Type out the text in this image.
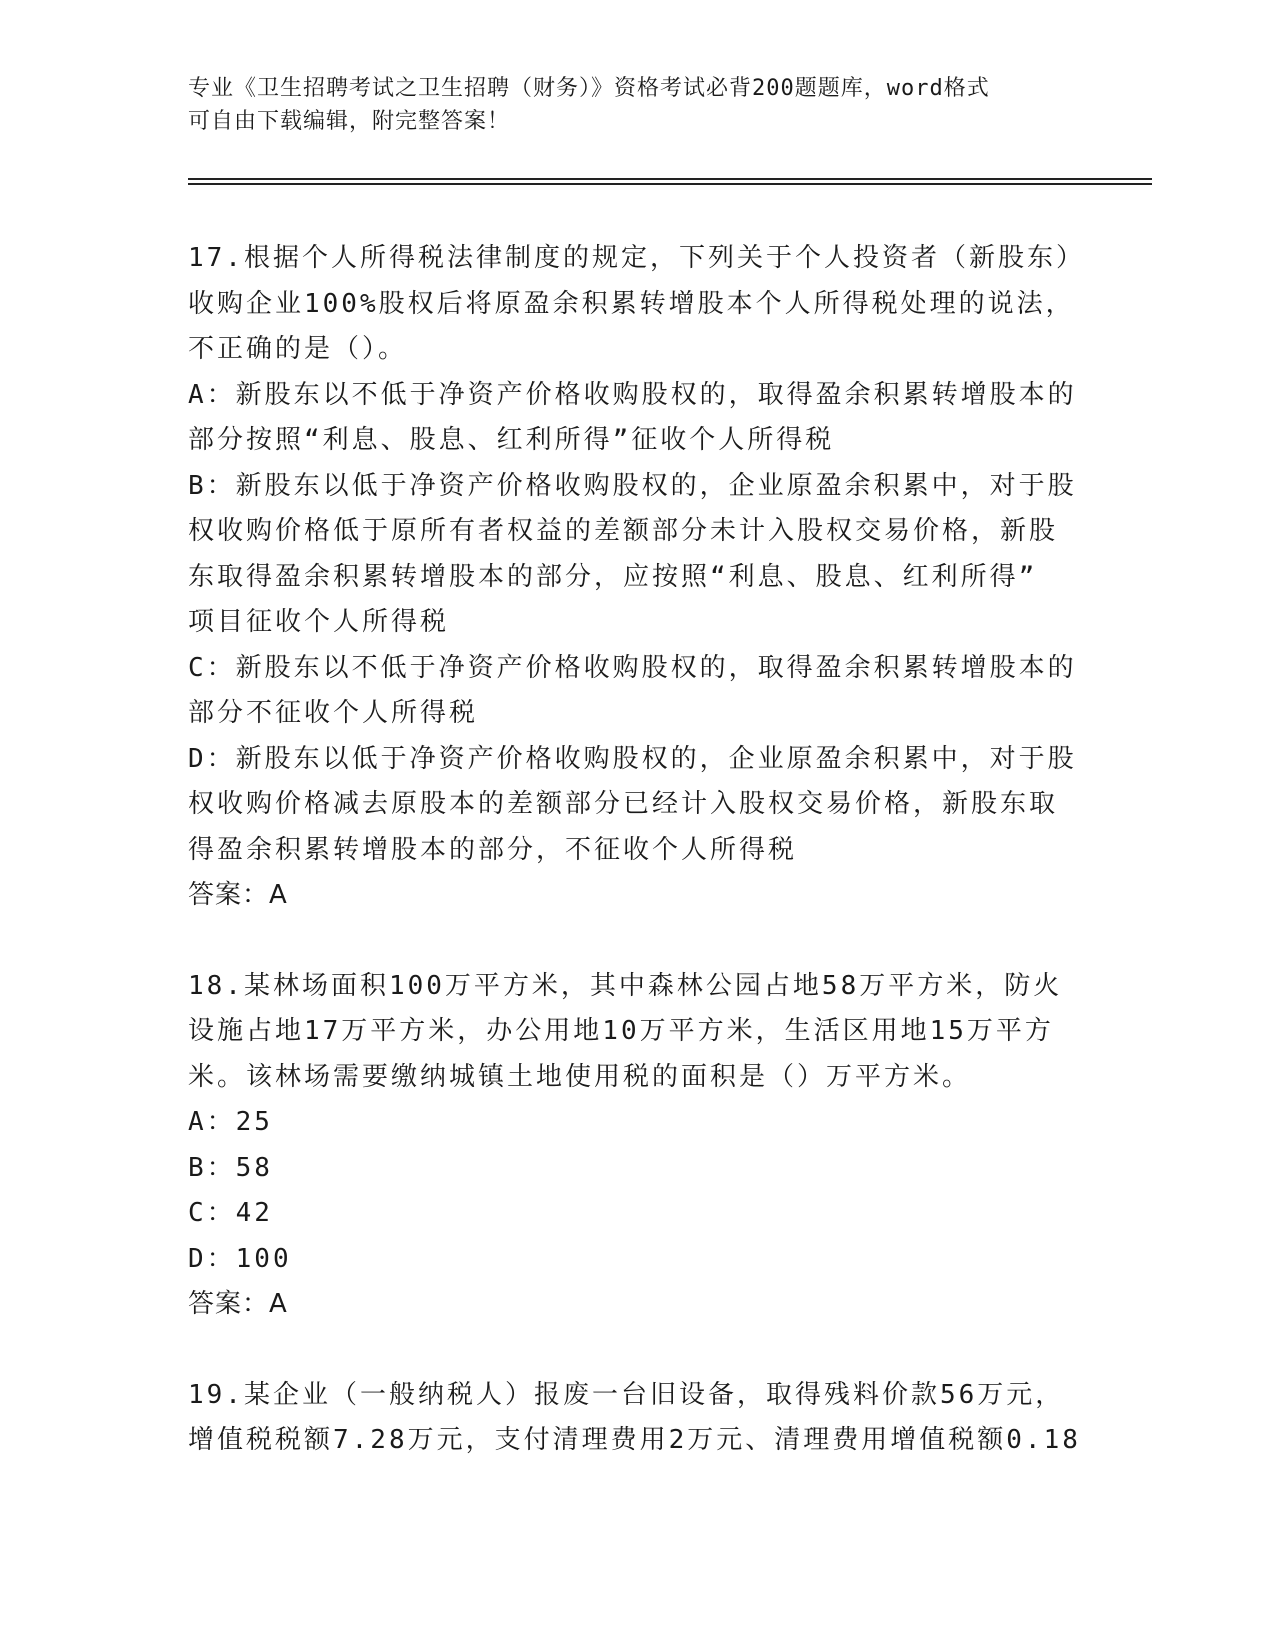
专业《卫生招聘考试之卫生招聘（财务）》资格考试必背200题题库，word格式
可自由下载编辑，附完整答案！

17.根据个人所得税法律制度的规定，下列关于个人投资者（新股东）

收购企业100%股权后将原盈余积累转增股本个人所得税处理的说法，

不正确的是（）。

A：新股东以不低于净资产价格收购股权的，取得盈余积累转增股本的

部分按照“利息、股息、红利所得”征收个人所得税

B：新股东以低于净资产价格收购股权的，企业原盈余积累中，对于股

权收购价格低于原所有者权益的差额部分未计入股权交易价格，新股

东取得盈余积累转增股本的部分，应按照“利息、股息、红利所得”

项目征收个人所得税

C：新股东以不低于净资产价格收购股权的，取得盈余积累转增股本的

部分不征收个人所得税

D：新股东以低于净资产价格收购股权的，企业原盈余积累中，对于股

权收购价格减去原股本的差额部分已经计入股权交易价格，新股东取

得盈余积累转增股本的部分，不征收个人所得税

答案：A

18.某林场面积100万平方米，其中森林公园占地58万平方米，防火

设施占地17万平方米，办公用地10万平方米，生活区用地15万平方

米。该林场需要缴纳城镇土地使用税的面积是（）万平方米。

A：25

B：58

C：42

D：100

答案：A

19.某企业（一般纳税人）报废一台旧设备，取得残料价款56万元，

增值税税额7.28万元，支付清理费用2万元、清理费用增值税额0.18
